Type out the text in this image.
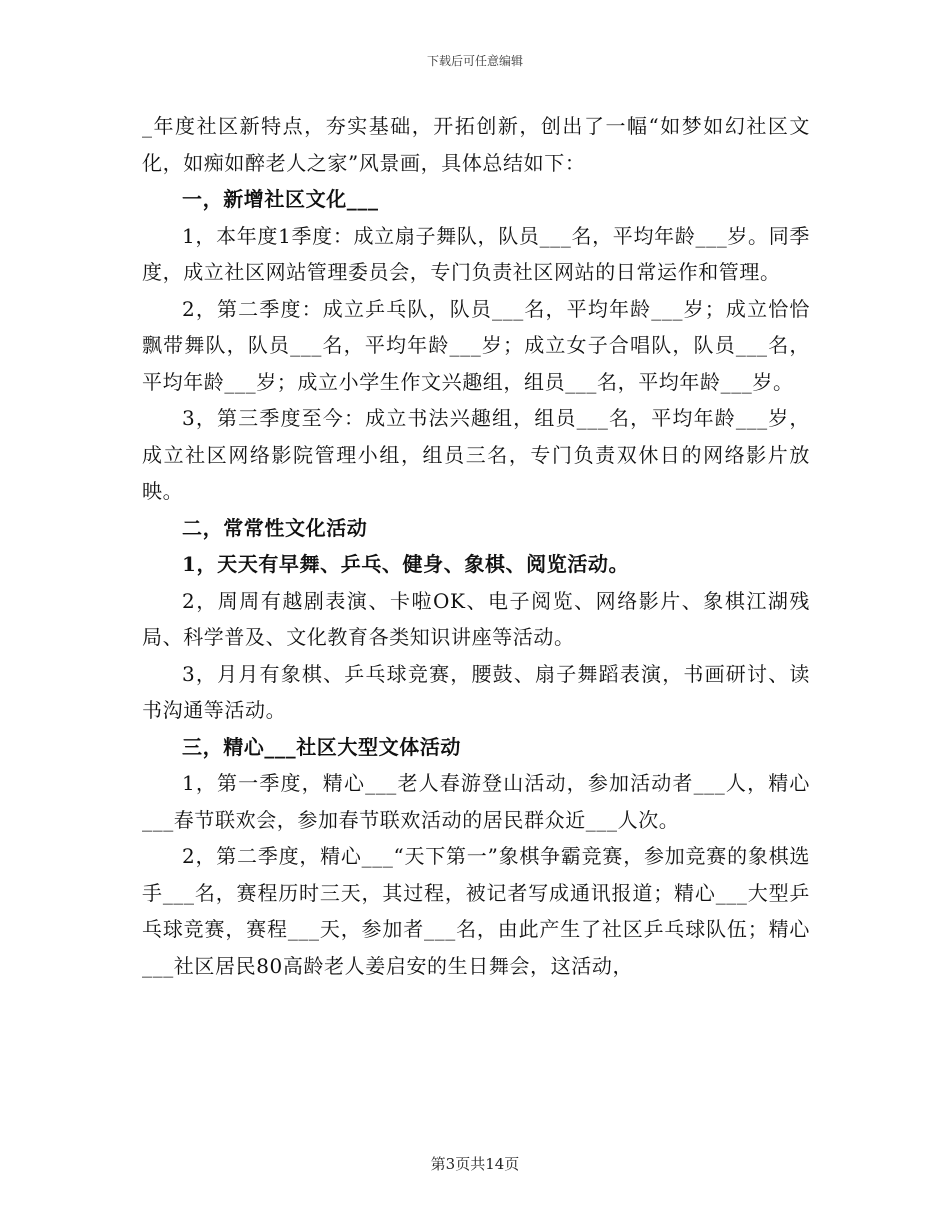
下载后可任意编辑

_年度社区新特点，夯实基础，开拓创新，创出了一幅“如梦如幻社区文化，如痴如醉老人之家”风景画，具体总结如下：

一，新增社区文化___

1，本年度1季度：成立扇子舞队，队员___名，平均年龄___岁。同季度，成立社区网站管理委员会，专门负责社区网站的日常运作和管理。

2，第二季度：成立乒乓队，队员___名，平均年龄___岁；成立恰恰飘带舞队，队员___名，平均年龄___岁；成立女子合唱队，队员___名，平均年龄___岁；成立小学生作文兴趣组，组员___名，平均年龄___岁。

3，第三季度至今：成立书法兴趣组，组员___名，平均年龄___岁，成立社区网络影院管理小组，组员三名，专门负责双休日的网络影片放映。

二，常常性文化活动

1，天天有早舞、乒乓、健身、象棋、阅览活动。

2，周周有越剧表演、卡啦OK、电子阅览、网络影片、象棋江湖残局、科学普及、文化教育各类知识讲座等活动。

3，月月有象棋、乒乓球竞赛，腰鼓、扇子舞蹈表演，书画研讨、读书沟通等活动。

三，精心___社区大型文体活动

1，第一季度，精心___老人春游登山活动，参加活动者___人，精心___春节联欢会，参加春节联欢活动的居民群众近___人次。

2，第二季度，精心___“天下第一”象棋争霸竞赛，参加竞赛的象棋选手___名，赛程历时三天，其过程，被记者写成通讯报道；精心___大型乒乓球竞赛，赛程___天，参加者___名，由此产生了社区乒乓球队伍；精心___社区居民80高龄老人姜启安的生日舞会，这活动，

第3页共14页
